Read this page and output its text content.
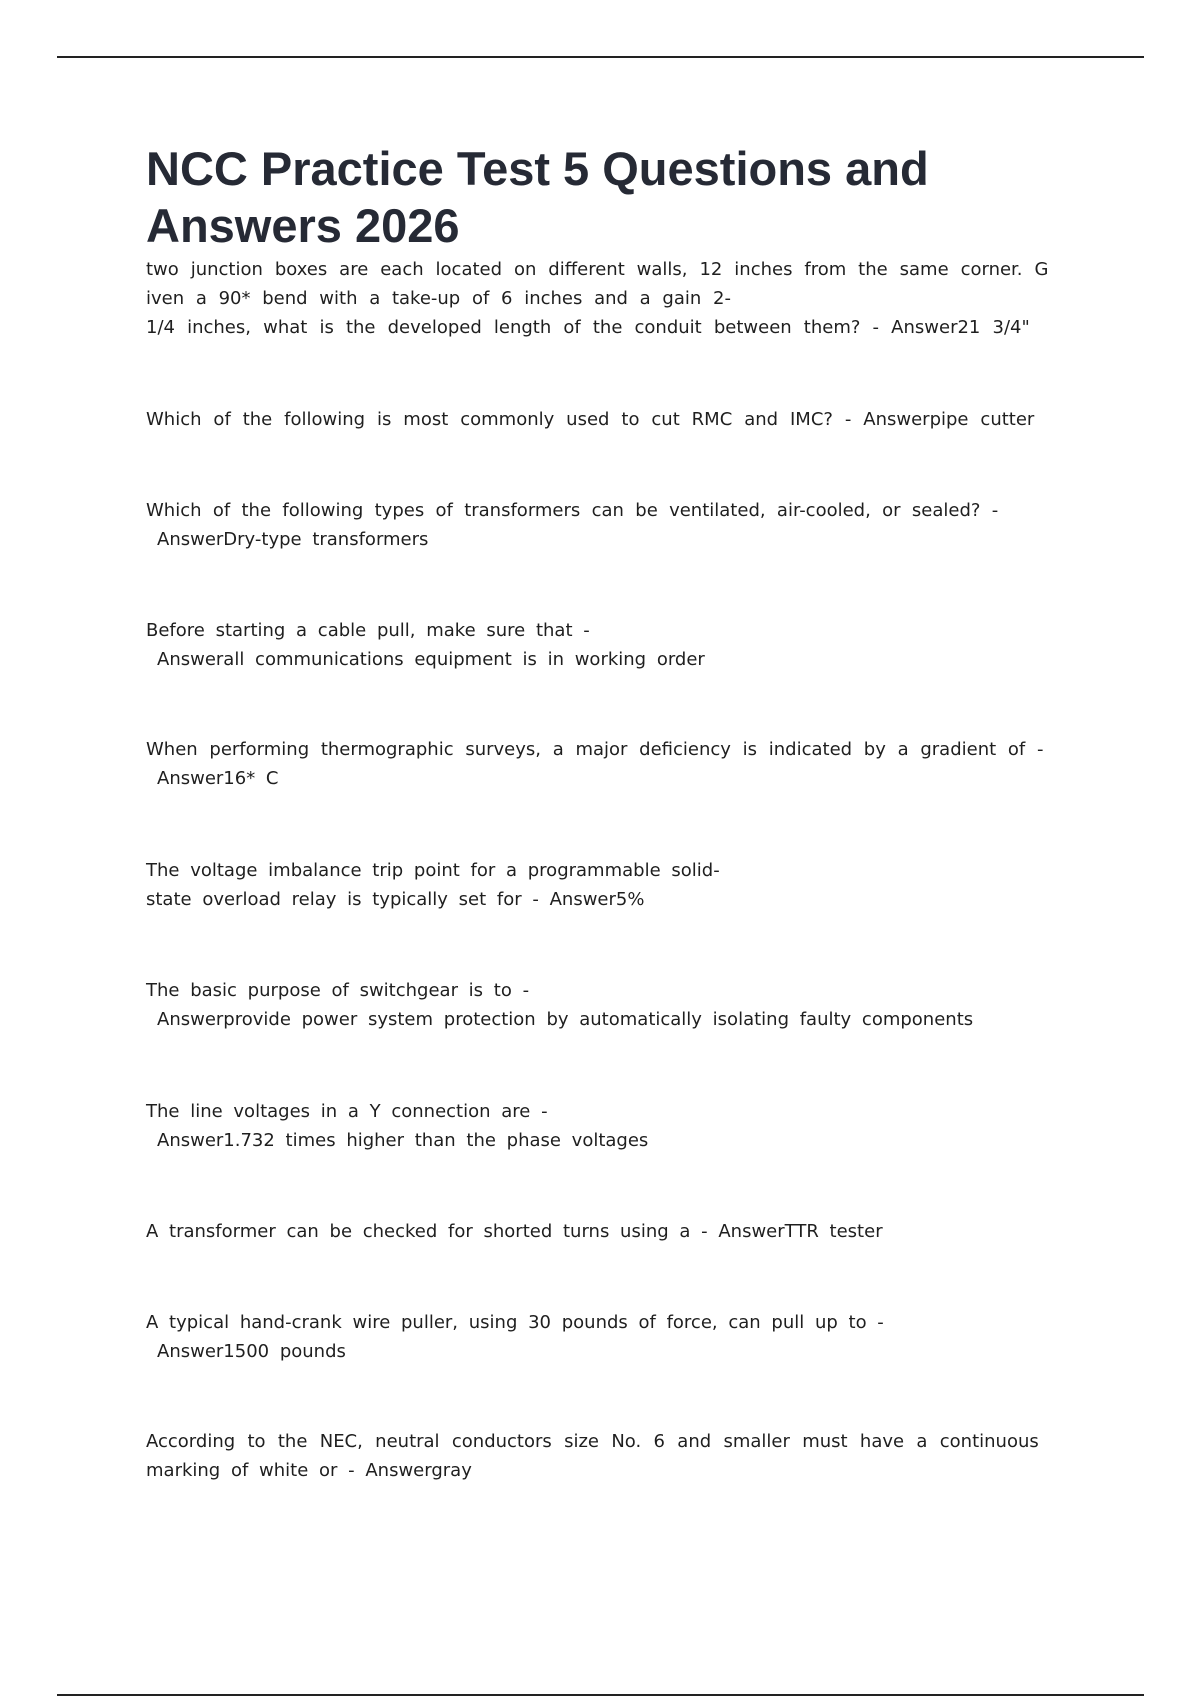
NCC Practice Test 5 Questions and
Answers 2026
two junction boxes are each located on different walls, 12 inches from the same corner. G
iven a 90* bend with a take-up of 6 inches and a gain 2-
1/4 inches, what is the developed length of the conduit between them? - Answer21 3/4"
Which of the following is most commonly used to cut RMC and IMC? - Answerpipe cutter
Which of the following types of transformers can be ventilated, air-cooled, or sealed? -
AnswerDry-type transformers
Before starting a cable pull, make sure that -
Answerall communications equipment is in working order
When performing thermographic surveys, a major deficiency is indicated by a gradient of -
Answer16* C
The voltage imbalance trip point for a programmable solid-
state overload relay is typically set for - Answer5%
The basic purpose of switchgear is to -
Answerprovide power system protection by automatically isolating faulty components
The line voltages in a Y connection are -
Answer1.732 times higher than the phase voltages
A transformer can be checked for shorted turns using a - AnswerTTR tester
A typical hand-crank wire puller, using 30 pounds of force, can pull up to -
Answer1500 pounds
According to the NEC, neutral conductors size No. 6 and smaller must have a continuous
marking of white or - Answergray
